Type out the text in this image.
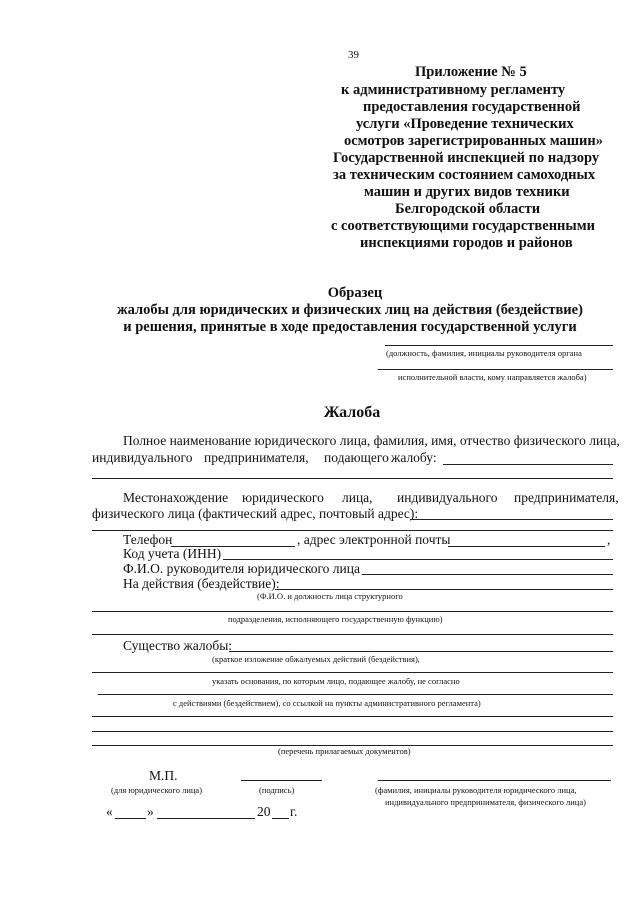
39
Приложение № 5
к административному регламенту
предоставления государственной
услуги «Проведение технических
осмотров зарегистрированных машин»
Государственной инспекцией по надзору
за техническим состоянием самоходных
машин и других видов техники
Белгородской области
с соответствующими государственными
инспекциями городов и районов
Образец
жалобы для юридических и физических лиц на действия (бездействие)
и решения, принятые в ходе предоставления государственной услуги
(должность, фамилия, инициалы руководителя органа
исполнительной власти, кому направляется жалоба)
Жалоба
Полное наименование юридического лица, фамилия, имя, отчество физического лица,
индивидуального предпринимателя, подающего жалобу:
Местонахождение юридического лица, индивидуального предпринимателя,
физического лица (фактический адрес, почтовый адрес):
Телефон	, адрес электронной почты	,
Код учета (ИНН)
Ф.И.О. руководителя юридического лица
На действия (бездействие):
(Ф.И.О. и должность лица структурного
подразделения, исполняющего государственную функцию)
Существо жалобы:
(краткое изложение обжалуемых действий (бездействия),
указать основания, по которым лицо, подающее жалобу, не согласно
с действиями (бездействием), со ссылкой на пункты административного регламента)
(перечень прилагаемых документов)
М.П.
(для юридического лица)	(подпись)	(фамилия, инициалы руководителя юридического лица,
индивидуального предпринимателя, физического лица)
«	»	20 г.
